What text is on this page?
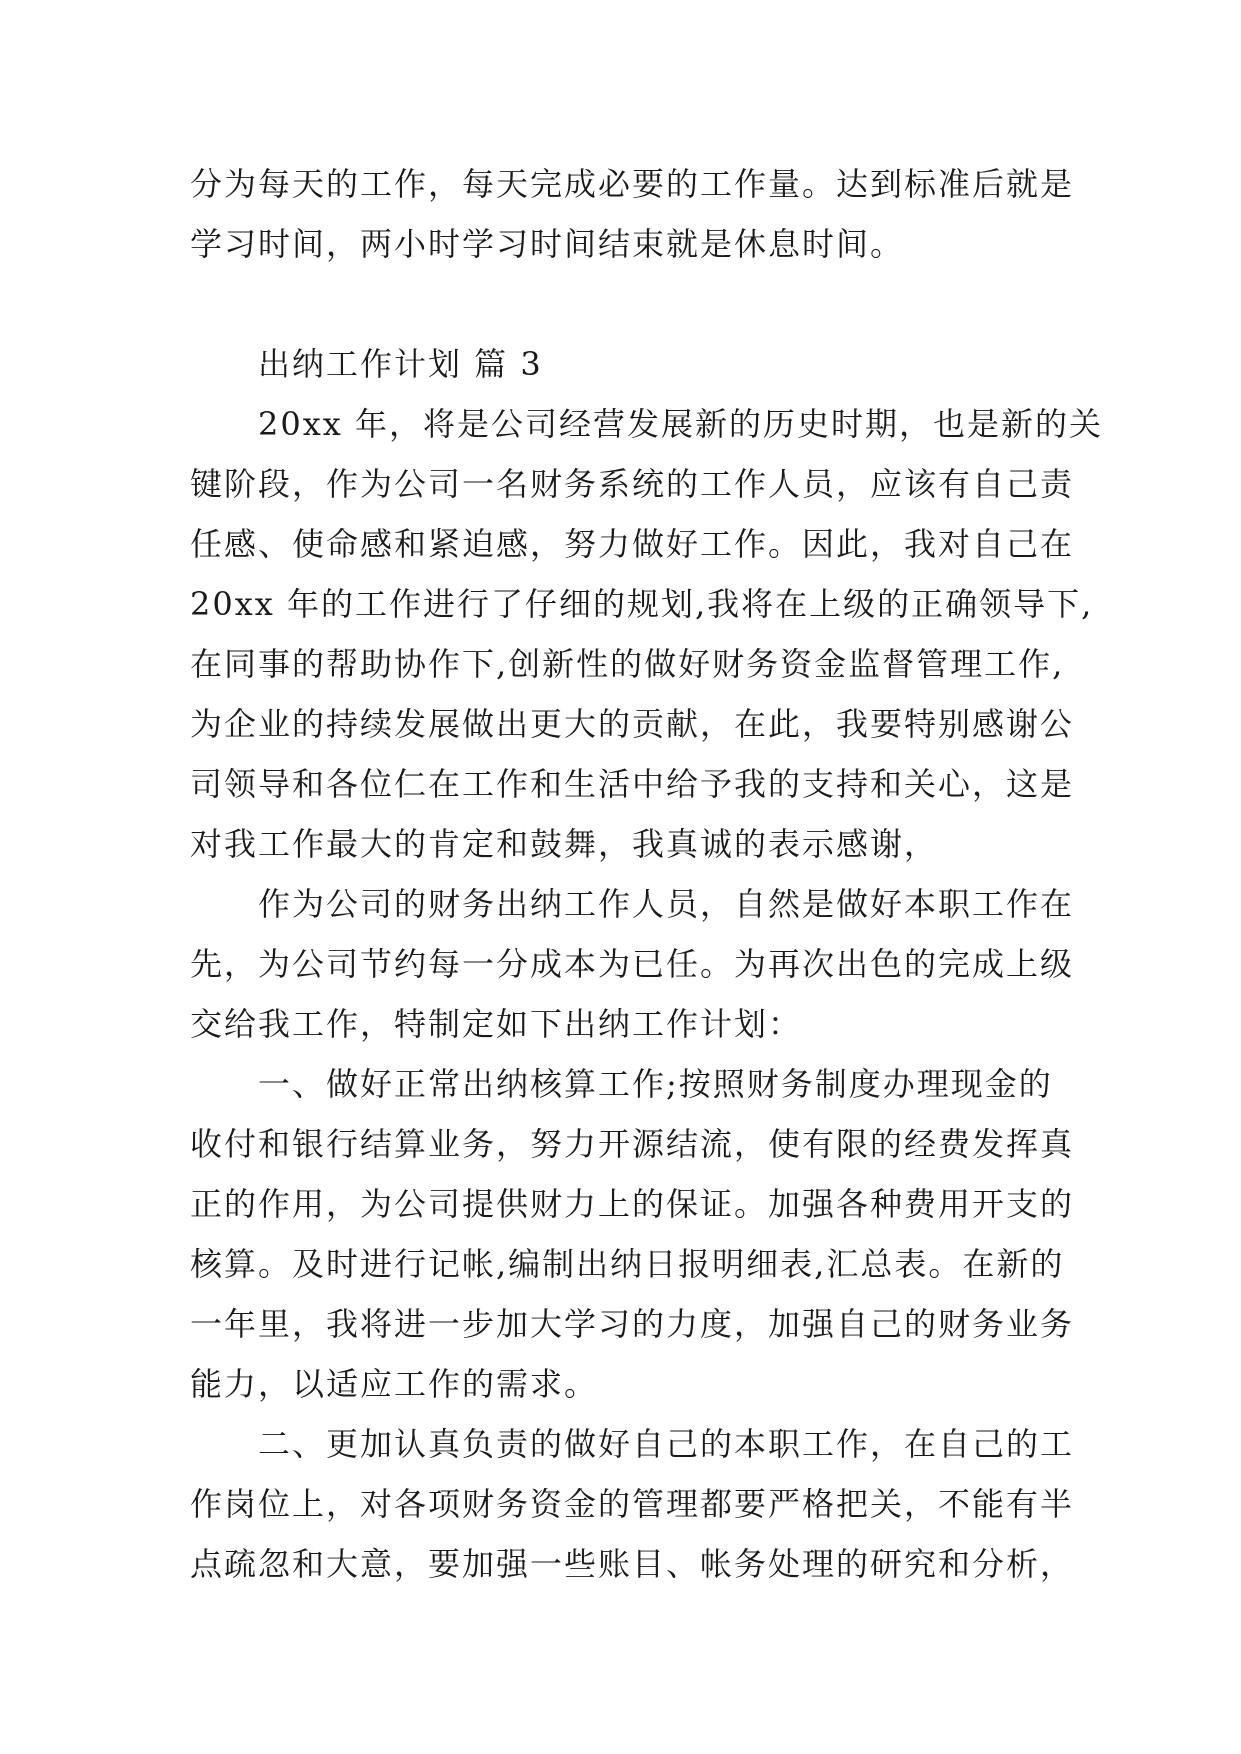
分为每天的工作，每天完成必要的工作量。达到标准后就是
学习时间，两小时学习时间结束就是休息时间。
出纳工作计划 篇 3
20xx 年，将是公司经营发展新的历史时期，也是新的关
键阶段，作为公司一名财务系统的工作人员，应该有自己责
任感、使命感和紧迫感，努力做好工作。因此，我对自己在
20xx 年的工作进行了仔细的规划,我将在上级的正确领导下,
在同事的帮助协作下,创新性的做好财务资金监督管理工作,
为企业的持续发展做出更大的贡献，在此，我要特别感谢公
司领导和各位仁在工作和生活中给予我的支持和关心，这是
对我工作最大的肯定和鼓舞，我真诚的表示感谢，
作为公司的财务出纳工作人员，自然是做好本职工作在
先，为公司节约每一分成本为已任。为再次出色的完成上级
交给我工作，特制定如下出纳工作计划：
一、做好正常出纳核算工作;按照财务制度办理现金的
收付和银行结算业务，努力开源结流，使有限的经费发挥真
正的作用，为公司提供财力上的保证。加强各种费用开支的
核算。及时进行记帐,编制出纳日报明细表,汇总表。在新的
一年里，我将进一步加大学习的力度，加强自己的财务业务
能力，以适应工作的需求。
二、更加认真负责的做好自己的本职工作，在自己的工
作岗位上，对各项财务资金的管理都要严格把关，不能有半
点疏忽和大意，要加强一些账目、帐务处理的研究和分析，
